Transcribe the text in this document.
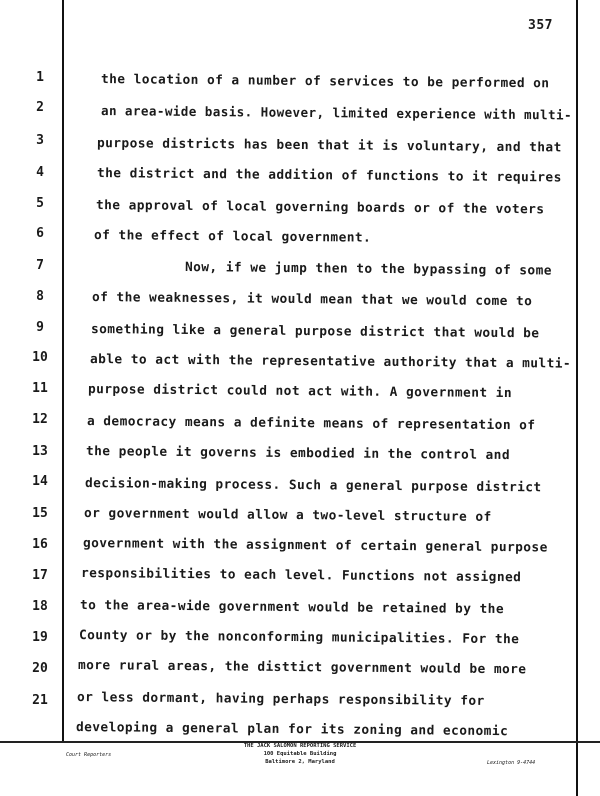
357
1	the location of a number of services to be performed on
2	an area-wide basis. However, limited experience with multi-
3	purpose districts has been that it is voluntary, and that
4	the district and the addition of functions to it requires
5	the approval of local governing boards or of the voters
6	of the effect of local government.
7	Now, if we jump then to the bypassing of some
8	of the weaknesses, it would mean that we would come to
9	something like a general purpose district that would be
10	able to act with the representative authority that a multi-
11	purpose district could not act with. A government in
12	a democracy means a definite means of representation of
13	the people it governs is embodied in the control and
14	decision-making process. Such a general purpose district
15	or government would allow a two-level structure of
16	government with the assignment of certain general purpose
17	responsibilities to each level. Functions not assigned
18	to the area-wide government would be retained by the
19	County or by the nonconforming municipalities. For the
20	more rural areas, the disttict government would be more
21	or less dormant, having perhaps responsibility for
developing a general plan for its zoning and economic
Court Reporters
THE JACK SALOMON REPORTING SERVICE
100 Equitable Building
Baltimore 2, Maryland	Lexington 9-4744
